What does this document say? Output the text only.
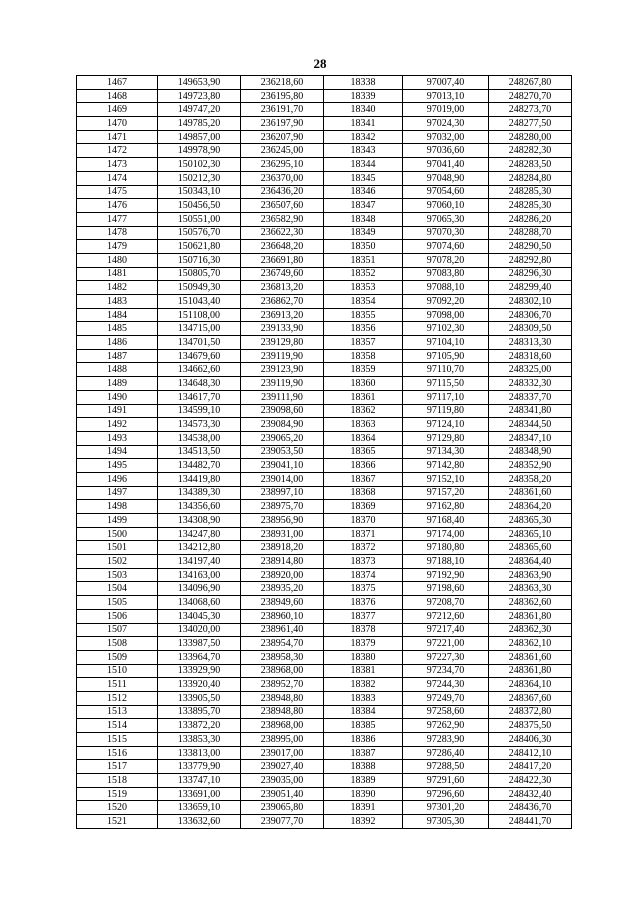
28
1467	149653,90	236218,60	18338	97007,40	248267,80
1468	149723,80	236195,80	18339	97013,10	248270,70
1469	149747,20	236191,70	18340	97019,00	248273,70
1470	149785,20	236197,90	18341	97024,30	248277,50
1471	149857,00	236207,90	18342	97032,00	248280,00
1472	149978,90	236245,00	18343	97036,60	248282,30
1473	150102,30	236295,10	18344	97041,40	248283,50
1474	150212,30	236370,00	18345	97048,90	248284,80
1475	150343,10	236436,20	18346	97054,60	248285,30
1476	150456,50	236507,60	18347	97060,10	248285,30
1477	150551,00	236582,90	18348	97065,30	248286,20
1478	150576,70	236622,30	18349	97070,30	248288,70
1479	150621,80	236648,20	18350	97074,60	248290,50
1480	150716,30	236691,80	18351	97078,20	248292,80
1481	150805,70	236749,60	18352	97083,80	248296,30
1482	150949,30	236813,20	18353	97088,10	248299,40
1483	151043,40	236862,70	18354	97092,20	248302,10
1484	151108,00	236913,20	18355	97098,00	248306,70
1485	134715,00	239133,90	18356	97102,30	248309,50
1486	134701,50	239129,80	18357	97104,10	248313,30
1487	134679,60	239119,90	18358	97105,90	248318,60
1488	134662,60	239123,90	18359	97110,70	248325,00
1489	134648,30	239119,90	18360	97115,50	248332,30
1490	134617,70	239111,90	18361	97117,10	248337,70
1491	134599,10	239098,60	18362	97119,80	248341,80
1492	134573,30	239084,90	18363	97124,10	248344,50
1493	134538,00	239065,20	18364	97129,80	248347,10
1494	134513,50	239053,50	18365	97134,30	248348,90
1495	134482,70	239041,10	18366	97142,80	248352,90
1496	134419,80	239014,00	18367	97152,10	248358,20
1497	134389,30	238997,10	18368	97157,20	248361,60
1498	134356,60	238975,70	18369	97162,80	248364,20
1499	134308,90	238956,90	18370	97168,40	248365,30
1500	134247,80	238931,00	18371	97174,00	248365,10
1501	134212,80	238918,20	18372	97180,80	248365,60
1502	134197,40	238914,80	18373	97188,10	248364,40
1503	134163,00	238920,00	18374	97192,90	248363,90
1504	134096,90	238935,20	18375	97198,60	248363,30
1505	134068,60	238949,60	18376	97208,70	248362,60
1506	134045,30	238960,10	18377	97212,60	248361,80
1507	134020,00	238961,40	18378	97217,40	248362,30
1508	133987,50	238954,70	18379	97221,00	248362,10
1509	133964,70	238958,30	18380	97227,30	248361,60
1510	133929,90	238968,00	18381	97234,70	248361,80
1511	133920,40	238952,70	18382	97244,30	248364,10
1512	133905,50	238948,80	18383	97249,70	248367,60
1513	133895,70	238948,80	18384	97258,60	248372,80
1514	133872,20	238968,00	18385	97262,90	248375,50
1515	133853,30	238995,00	18386	97283,90	248406,30
1516	133813,00	239017,00	18387	97286,40	248412,10
1517	133779,90	239027,40	18388	97288,50	248417,20
1518	133747,10	239035,00	18389	97291,60	248422,30
1519	133691,00	239051,40	18390	97296,60	248432,40
1520	133659,10	239065,80	18391	97301,20	248436,70
1521	133632,60	239077,70	18392	97305,30	248441,70
